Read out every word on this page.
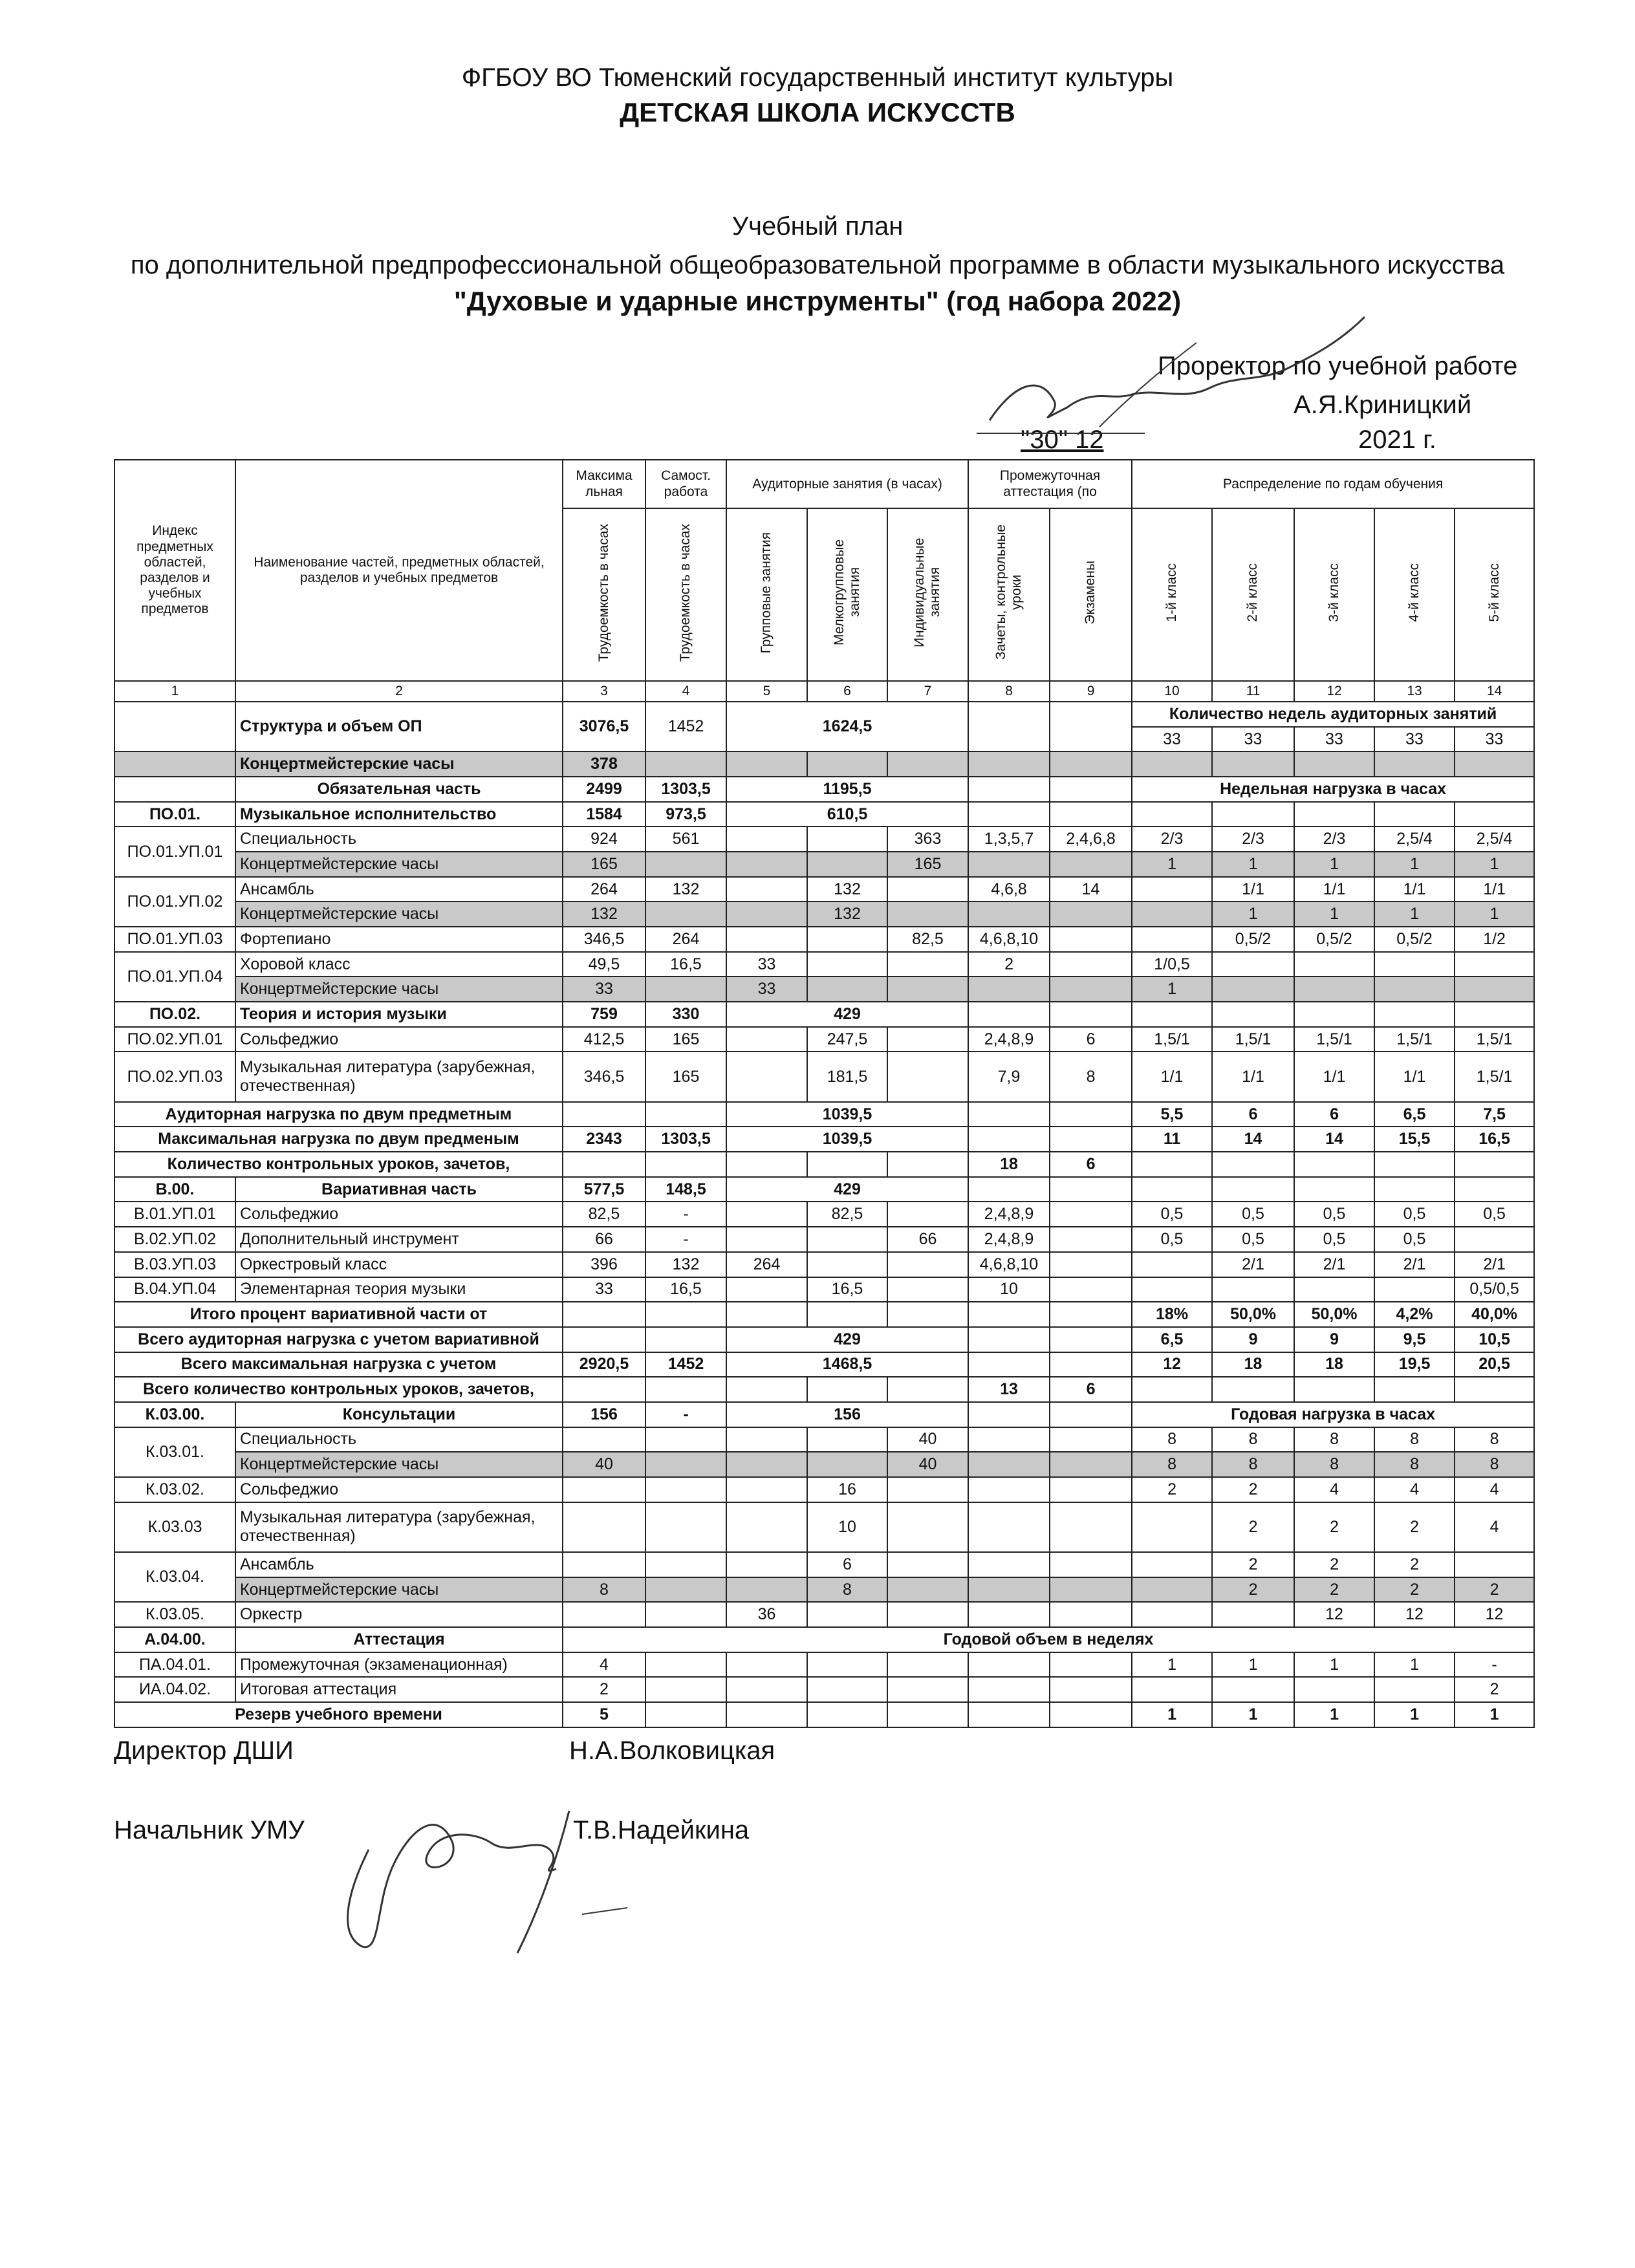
ФГБОУ ВО Тюменский государственный институт культуры
ДЕТСКАЯ ШКОЛА ИСКУССТВ
Учебный план
по дополнительной предпрофессиональной общеобразовательной программе в области музыкального искусства
"Духовые и ударные инструменты" (год набора 2022)
Проректор по учебной работе
А.Я.Криницкий
"30" 12	2021 г.
Индекс предметных областей, разделов и учебных предметов	Наименование частей, предметных областей, разделов и учебных предметов	Максима льная	Самост. работа	Аудиторные занятия (в часах)			Промежуточная аттестация (по		Распределение по годам обучения				
		Трудоемкость в часах	Трудоемкость в часах	Групповые занятия	Мелкогрупповые занятия	Индивидуальные занятия	Зачеты, контрольные уроки	Экзамены	1-й класс	2-й класс	3-й класс	4-й класс	5-й класс
1	2	3	4	5	6	7	8	9	10	11	12	13	14
	Структура и объем ОП	3076,5	1452	1624,5					Количество недель аудиторных занятий				
									33	33	33	33	33
	Концертмейстерские часы	378											
	Обязательная часть	2499	1303,5	1195,5					Недельная нагрузка в часах				
ПО.01.	Музыкальное исполнительство	1584	973,5	610,5									
ПО.01.УП.01	Специальность	924	561			363	1,3,5,7	2,4,6,8	2/3	2/3	2/3	2,5/4	2,5/4
	Концертмейстерские часы	165				165			1	1	1	1	1
ПО.01.УП.02	Ансамбль	264	132		132		4,6,8	14		1/1	1/1	1/1	1/1
	Концертмейстерские часы	132			132					1	1	1	1
ПО.01.УП.03	Фортепиано	346,5	264			82,5	4,6,8,10			0,5/2	0,5/2	0,5/2	1/2
ПО.01.УП.04	Хоровой класс	49,5	16,5	33			2		1/0,5				
	Концертмейстерские часы	33		33					1				
ПО.02.	Теория и история музыки	759	330	429									
ПО.02.УП.01	Сольфеджио	412,5	165		247,5		2,4,8,9	6	1,5/1	1,5/1	1,5/1	1,5/1	1,5/1
ПО.02.УП.03	Музыкальная литература (зарубежная, отечественная)	346,5	165		181,5		7,9	8	1/1	1/1	1/1	1/1	1,5/1
Аудиторная нагрузка по двум предметным				1039,5					5,5	6	6	6,5	7,5
Максимальная нагрузка по двум предменым		2343	1303,5	1039,5					11	14	14	15,5	16,5
Количество контрольных уроков, зачетов,							18	6					
В.00.	Вариативная часть	577,5	148,5	429									
В.01.УП.01	Сольфеджио	82,5	-		82,5		2,4,8,9		0,5	0,5	0,5	0,5	0,5
В.02.УП.02	Дополнительный инструмент	66	-			66	2,4,8,9		0,5	0,5	0,5	0,5	
В.03.УП.03	Оркестровый класс	396	132	264			4,6,8,10			2/1	2/1	2/1	2/1
В.04.УП.04	Элементарная теория музыки	33	16,5		16,5		10						0,5/0,5
Итого процент вариативной части от									18%	50,0%	50,0%	4,2%	40,0%
Всего аудиторная нагрузка с учетом вариативной				429					6,5	9	9	9,5	10,5
Всего максимальная нагрузка с учетом		2920,5	1452	1468,5					12	18	18	19,5	20,5
Всего количество контрольных уроков, зачетов,							13	6					
К.03.00.	Консультации	156	-	156					Годовая нагрузка в часах				
К.03.01.	Специальность					40			8	8	8	8	8
	Концертмейстерские часы	40				40			8	8	8	8	8
К.03.02.	Сольфеджио				16				2	2	4	4	4
К.03.03	Музыкальная литература (зарубежная, отечественная)				10					2	2	2	4
К.03.04.	Ансамбль				6					2	2	2	
	Концертмейстерские часы	8			8					2	2	2	2
К.03.05.	Оркестр			36							12	12	12
А.04.00.	Аттестация	Годовой объем в неделях											
ПА.04.01.	Промежуточная (экзаменационная)	4							1	1	1	1	-
ИА.04.02.	Итоговая аттестация	2											2
Резерв учебного времени		5							1	1	1	1	1
Директор ДШИ	Н.А.Волковицкая
Начальник УМУ	Т.В.Надейкина
